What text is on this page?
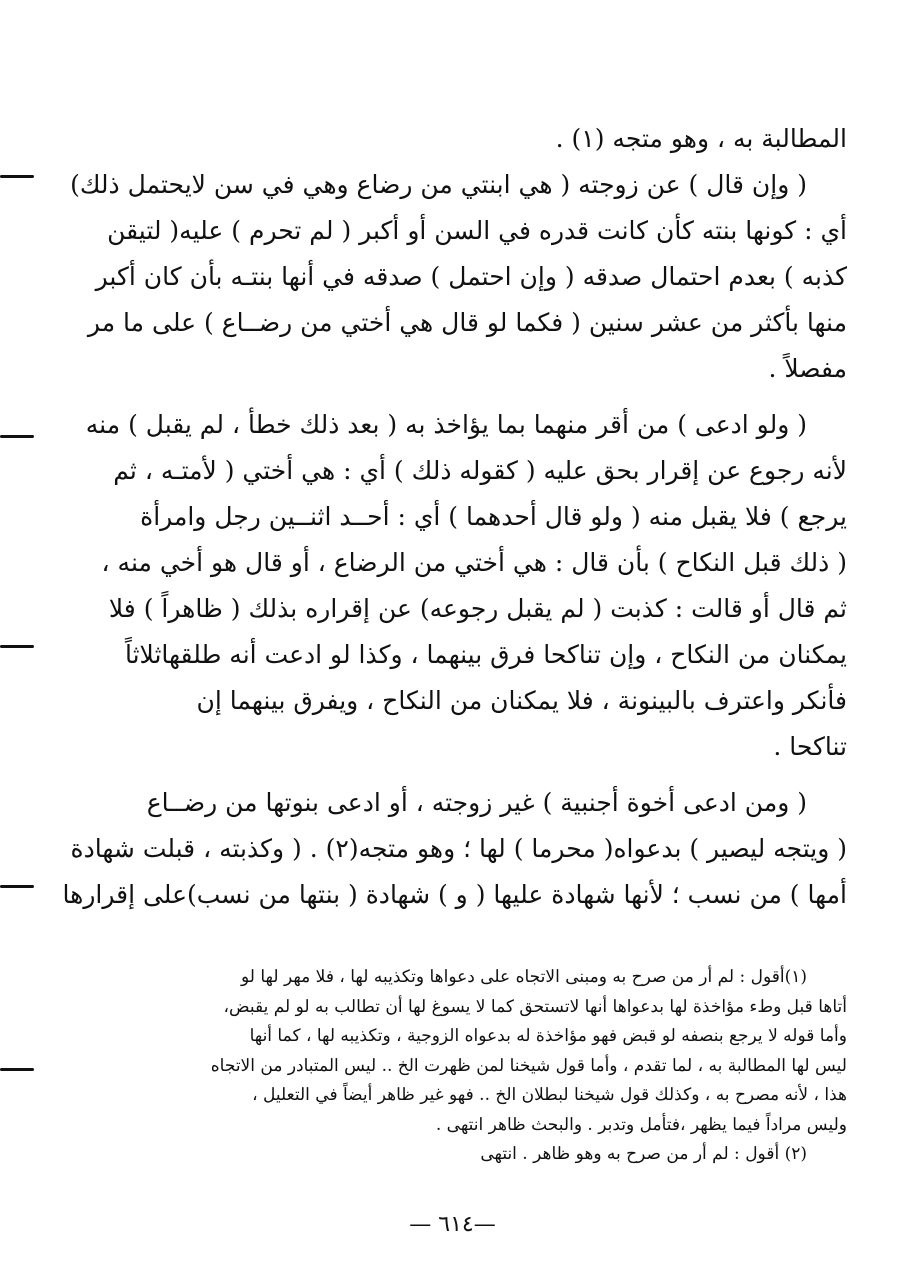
المطالبة به ، وهو متجه (١) .
( وإن قال ) عن زوجته ( هي ابنتي من رضاع وهي في سن لايحتمل ذلك)
أي : كونها بنته كأن كانت قدره في السن أو أكبر ( لم تحرم ) عليه( لتيقن
كذبه ) بعدم احتمال صدقه ( وإن احتمل ) صدقه في أنها بنتـه بأن كان أكبر
منها بأكثر من عشر سنين ( فكما لو قال هي أختي من رضــاع ) على ما مر
مفصلاً .
( ولو ادعى ) من أقر منهما بما يؤاخذ به ( بعد ذلك خطأ ، لم يقبل ) منه
لأنه رجوع عن إقرار بحق عليه ( كقوله ذلك ) أي : هي أختي ( لأمتـه ، ثم
يرجع ) فلا يقبل منه ( ولو قال أحدهما ) أي : أحــد اثنــين رجل وامرأة
( ذلك قبل النكاح ) بأن قال : هي أختي من الرضاع ، أو قال هو أخي منه ،
ثم قال أو قالت : كذبت ( لم يقبل رجوعه) عن إقراره بذلك ( ظاهراً ) فلا
يمكنان من النكاح ، وإن تناكحا فرق بينهما ، وكذا لو ادعت أنه طلقهاثلاثاً
فأنكر واعترف بالبينونة ، فلا يمكنان من النكاح ، ويفرق بينهما إن
تناكحا .
( ومن ادعى أخوة أجنبية ) غير زوجته ، أو ادعى بنوتها من رضــاع
( ويتجه ليصير ) بدعواه( محرما ) لها ؛ وهو متجه(٢) . ( وكذبته ، قبلت شهادة
أمها ) من نسب ؛ لأنها شهادة عليها ( و ) شهادة ( بنتها من نسب)على إقرارها
(١)أقول : لم أر من صرح به ومبنى الاتجاه على دعواها وتكذيبه لها ، فلا مهر لها لو
أتاها قبل وطء مؤاخذة لها بدعواها أنها لاتستحق كما لا يسوغ لها أن تطالب به لو لم يقبض،
وأما قوله لا يرجع بنصفه لو قبض فهو مؤاخذة له بدعواه الزوجية ، وتكذيبه لها ، كما أنها
ليس لها المطالبة به ، لما تقدم ، وأما قول شيخنا لمن ظهرت الخ .. ليس المتبادر من الاتجاه
هذا ، لأنه مصرح به ، وكذلك قول شيخنا لبطلان الخ .. فهو غير ظاهر أيضاً في التعليل ،
وليس مراداً فيما يظهر ،فتأمل وتدبر . والبحث ظاهر انتهى .
(٢) أقول : لم أر من صرح به وهو ظاهر . انتهى
—٦١٤ —
